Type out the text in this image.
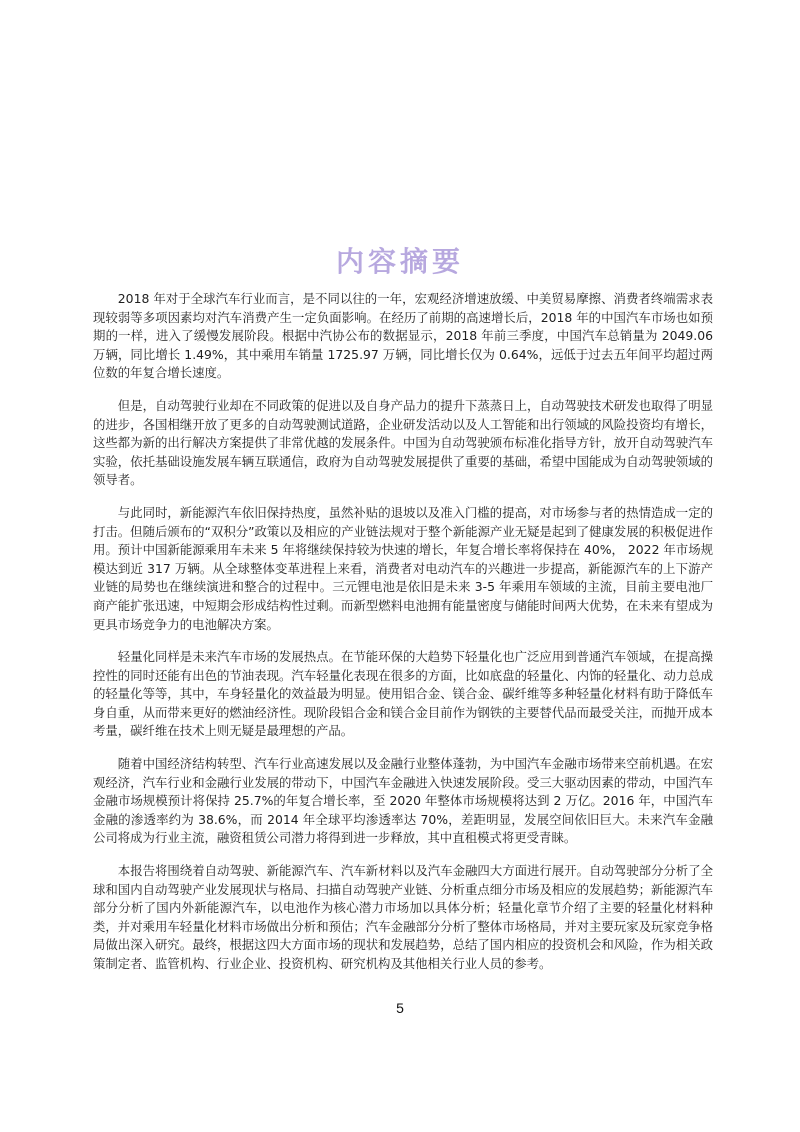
内容摘要

2018 年对于全球汽车行业而言，是不同以往的一年，宏观经济增速放缓、中美贸易摩擦、消费者终端需求表现较弱等多项因素均对汽车消费产生一定负面影响。在经历了前期的高速增长后，2018 年的中国汽车市场也如预期的一样，进入了缓慢发展阶段。根据中汽协公布的数据显示，2018 年前三季度，中国汽车总销量为 2049.06 万辆，同比增长 1.49%，其中乘用车销量 1725.97 万辆，同比增长仅为 0.64%，远低于过去五年间平均超过两位数的年复合增长速度。

但是，自动驾驶行业却在不同政策的促进以及自身产品力的提升下蒸蒸日上，自动驾驶技术研发也取得了明显的进步，各国相继开放了更多的自动驾驶测试道路，企业研发活动以及人工智能和出行领域的风险投资均有增长，这些都为新的出行解决方案提供了非常优越的发展条件。中国为自动驾驶颁布标准化指导方针，放开自动驾驶汽车实验，依托基础设施发展车辆互联通信，政府为自动驾驶发展提供了重要的基础，希望中国能成为自动驾驶领域的领导者。

与此同时，新能源汽车依旧保持热度，虽然补贴的退坡以及准入门槛的提高，对市场参与者的热情造成一定的打击。但随后颁布的“双积分”政策以及相应的产业链法规对于整个新能源产业无疑是起到了健康发展的积极促进作用。预计中国新能源乘用车未来 5 年将继续保持较为快速的增长，年复合增长率将保持在 40%， 2022 年市场规模达到近 317 万辆。从全球整体变革进程上来看，消费者对电动汽车的兴趣进一步提高，新能源汽车的上下游产业链的局势也在继续演进和整合的过程中。三元锂电池是依旧是未来 3-5 年乘用车领域的主流，目前主要电池厂商产能扩张迅速，中短期会形成结构性过剩。而新型燃料电池拥有能量密度与储能时间两大优势，在未来有望成为更具市场竞争力的电池解决方案。

轻量化同样是未来汽车市场的发展热点。在节能环保的大趋势下轻量化也广泛应用到普通汽车领域，在提高操控性的同时还能有出色的节油表现。汽车轻量化表现在很多的方面，比如底盘的轻量化、内饰的轻量化、动力总成的轻量化等等，其中，车身轻量化的效益最为明显。使用铝合金、镁合金、碳纤维等多种轻量化材料有助于降低车身自重，从而带来更好的燃油经济性。现阶段铝合金和镁合金目前作为钢铁的主要替代品而最受关注，而抛开成本考量，碳纤维在技术上则无疑是最理想的产品。

随着中国经济结构转型、汽车行业高速发展以及金融行业整体蓬勃，为中国汽车金融市场带来空前机遇。在宏观经济，汽车行业和金融行业发展的带动下，中国汽车金融进入快速发展阶段。受三大驱动因素的带动，中国汽车金融市场规模预计将保持 25.7%的年复合增长率，至 2020 年整体市场规模将达到 2 万亿。2016 年，中国汽车金融的渗透率约为 38.6%，而 2014 年全球平均渗透率达 70%，差距明显，发展空间依旧巨大。未来汽车金融公司将成为行业主流，融资租赁公司潜力将得到进一步释放，其中直租模式将更受青睐。

本报告将围绕着自动驾驶、新能源汽车、汽车新材料以及汽车金融四大方面进行展开。自动驾驶部分分析了全球和国内自动驾驶产业发展现状与格局、扫描自动驾驶产业链、分析重点细分市场及相应的发展趋势；新能源汽车部分分析了国内外新能源汽车，以电池作为核心潜力市场加以具体分析；轻量化章节介绍了主要的轻量化材料种类，并对乘用车轻量化材料市场做出分析和预估；汽车金融部分分析了整体市场格局，并对主要玩家及玩家竞争格局做出深入研究。最终，根据这四大方面市场的现状和发展趋势，总结了国内相应的投资机会和风险，作为相关政策制定者、监管机构、行业企业、投资机构、研究机构及其他相关行业人员的参考。

5
